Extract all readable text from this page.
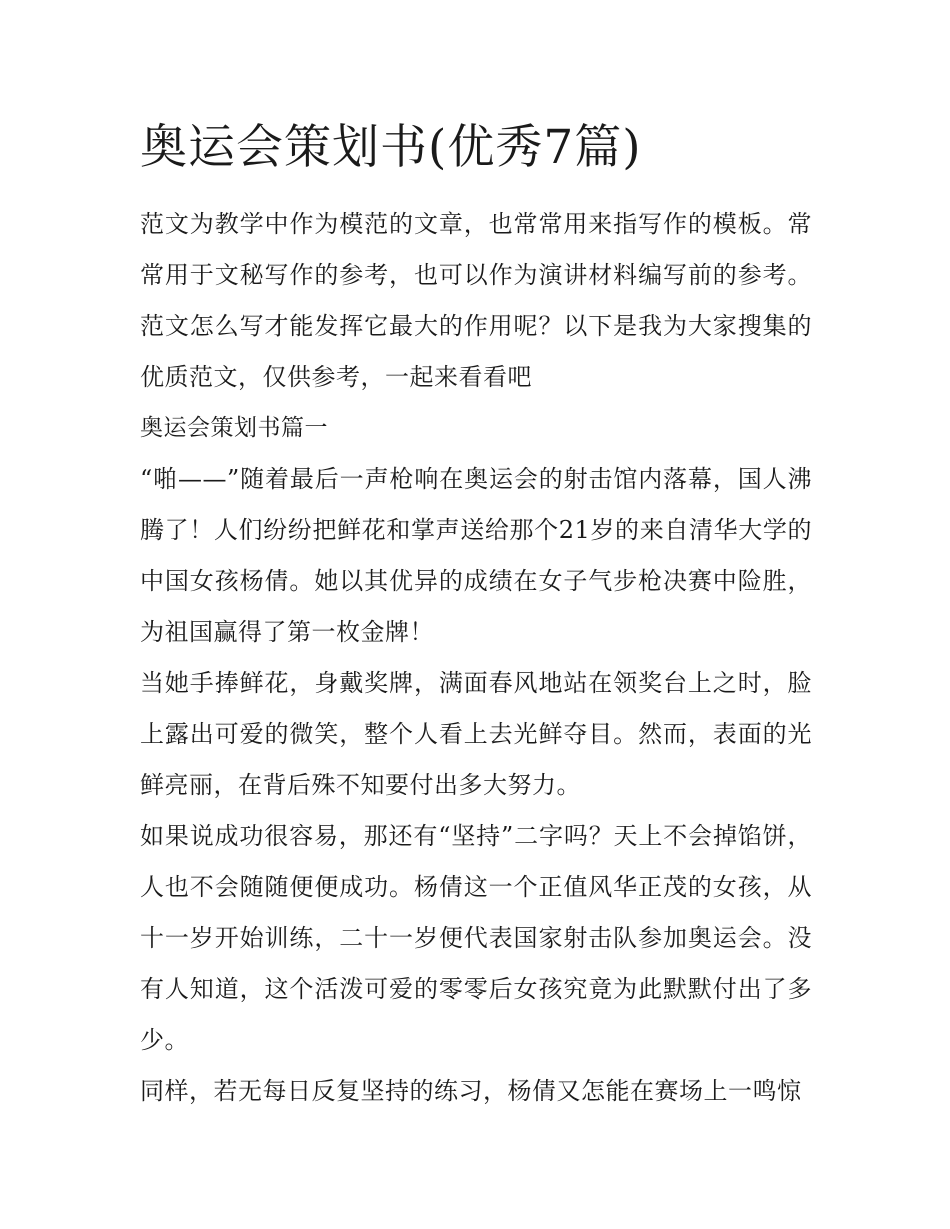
奥运会策划书(优秀7篇)

范文为教学中作为模范的文章，也常常用来指写作的模板。常常用于文秘写作的参考，也可以作为演讲材料编写前的参考。范文怎么写才能发挥它最大的作用呢？以下是我为大家搜集的优质范文，仅供参考，一起来看看吧

奥运会策划书篇一

“啪——”随着最后一声枪响在奥运会的射击馆内落幕，国人沸腾了！人们纷纷把鲜花和掌声送给那个21岁的来自清华大学的中国女孩杨倩。她以其优异的成绩在女子气步枪决赛中险胜，为祖国赢得了第一枚金牌！

当她手捧鲜花，身戴奖牌，满面春风地站在领奖台上之时，脸上露出可爱的微笑，整个人看上去光鲜夺目。然而，表面的光鲜亮丽，在背后殊不知要付出多大努力。

如果说成功很容易，那还有“坚持”二字吗？天上不会掉馅饼，人也不会随随便便成功。杨倩这一个正值风华正茂的女孩，从十一岁开始训练，二十一岁便代表国家射击队参加奥运会。没有人知道，这个活泼可爱的零零后女孩究竟为此默默付出了多少。

同样，若无每日反复坚持的练习，杨倩又怎能在赛场上一鸣惊
